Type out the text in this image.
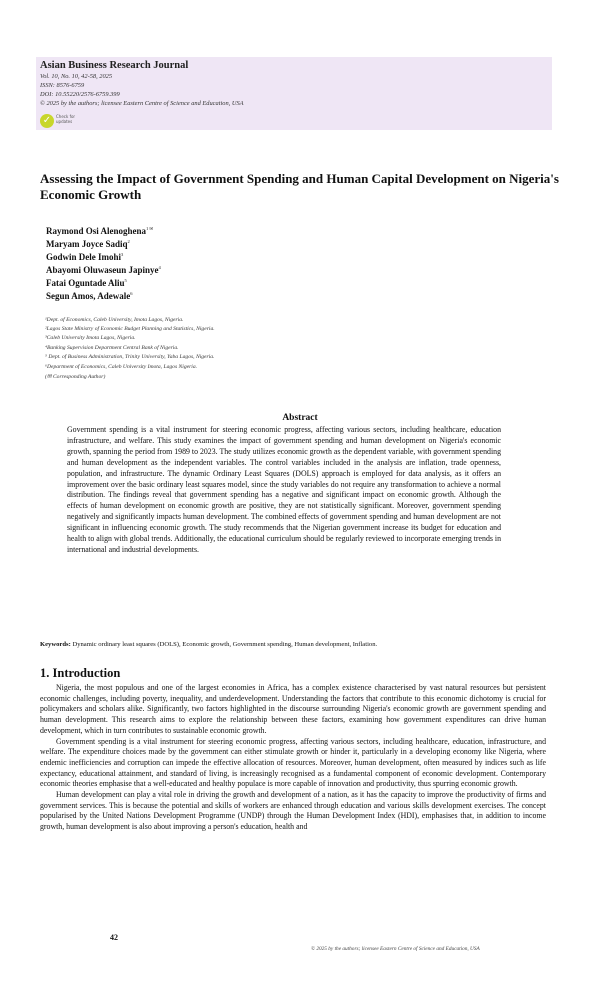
Asian Business Research Journal
Vol. 10, No. 10, 42-58, 2025
ISSN: 8576-6759
DOI: 10.55220/2576-6759.399
© 2025 by the authors; licensee Eastern Centre of Science and Education, USA
✓	Check for updates
Assessing the Impact of Government Spending and Human Capital Development on Nigeria's Economic Growth
Raymond Osi Alenoghena$^{1 ✉}$
Maryam Joyce Sadiq$^2$
Godwin Dele Imohi$^3$
Abayomi Oluwaseun Japinye$^4$
Fatai Oguntade Aliu$^5$
Segun Amos, Adewale$^6$
¹Dept. of Economics, Caleb University, Imota Lagos, Nigeria.
²Lagos State Ministry of Economic Budget Planning and Statistics, Nigeria.
³Caleb University Imota Lagos, Nigeria.
⁴Banking Supervision Department Central Bank of Nigeria.
⁵ Dept. of Business Administration, Trinity University, Yaba Lagos, Nigeria.
⁶Department of Economics, Caleb University Imota, Lagos Nigeria.
(✉ Corresponding Author)
Abstract
Government spending is a vital instrument for steering economic progress, affecting various sectors, including healthcare, education infrastructure, and welfare. This study examines the impact of government spending and human development on Nigeria's economic growth, spanning the period from 1989 to 2023. The study utilizes economic growth as the dependent variable, with government spending and human development as the independent variables. The control variables included in the analysis are inflation, trade openness, population, and infrastructure. The dynamic Ordinary Least Squares (DOLS) approach is employed for data analysis, as it offers an improvement over the basic ordinary least squares model, since the study variables do not require any transformation to achieve a normal distribution. The findings reveal that government spending has a negative and significant impact on economic growth. Although the effects of human development on economic growth are positive, they are not statistically significant. Moreover, government spending negatively and significantly impacts human development. The combined effects of government spending and human development are not significant in influencing economic growth. The study recommends that the Nigerian government increase its budget for education and health to align with global trends. Additionally, the educational curriculum should be regularly reviewed to incorporate emerging trends in international and industrial developments.
Keywords: Dynamic ordinary least squares (DOLS), Economic growth, Government spending, Human development, Inflation.
1. Introduction

Nigeria, the most populous and one of the largest economies in Africa, has a complex existence characterised by vast natural resources but persistent economic challenges, including poverty, inequality, and underdevelopment. Understanding the factors that contribute to this economic dichotomy is crucial for policymakers and scholars alike. Significantly, two factors highlighted in the discourse surrounding Nigeria's economic growth are government spending and human development. This research aims to explore the relationship between these factors, examining how government expenditures can drive human development, which in turn contributes to sustainable economic growth.

Government spending is a vital instrument for steering economic progress, affecting various sectors, including healthcare, education, infrastructure, and welfare. The expenditure choices made by the government can either stimulate growth or hinder it, particularly in a developing economy like Nigeria, where endemic inefficiencies and corruption can impede the effective allocation of resources. Moreover, human development, often measured by indices such as life expectancy, educational attainment, and standard of living, is increasingly recognised as a fundamental component of economic development. Contemporary economic theories emphasise that a well-educated and healthy populace is more capable of innovation and productivity, thus spurring economic growth.

Human development can play a vital role in driving the growth and development of a nation, as it has the capacity to improve the productivity of firms and government services. This is because the potential and skills of workers are enhanced through education and various skills development exercises. The concept popularised by the United Nations Development Programme (UNDP) through the Human Development Index (HDI), emphasises that, in addition to income growth, human development is also about improving a person's education, health and

42
© 2025 by the authors; licensee Eastern Centre of Science and Education, USA
